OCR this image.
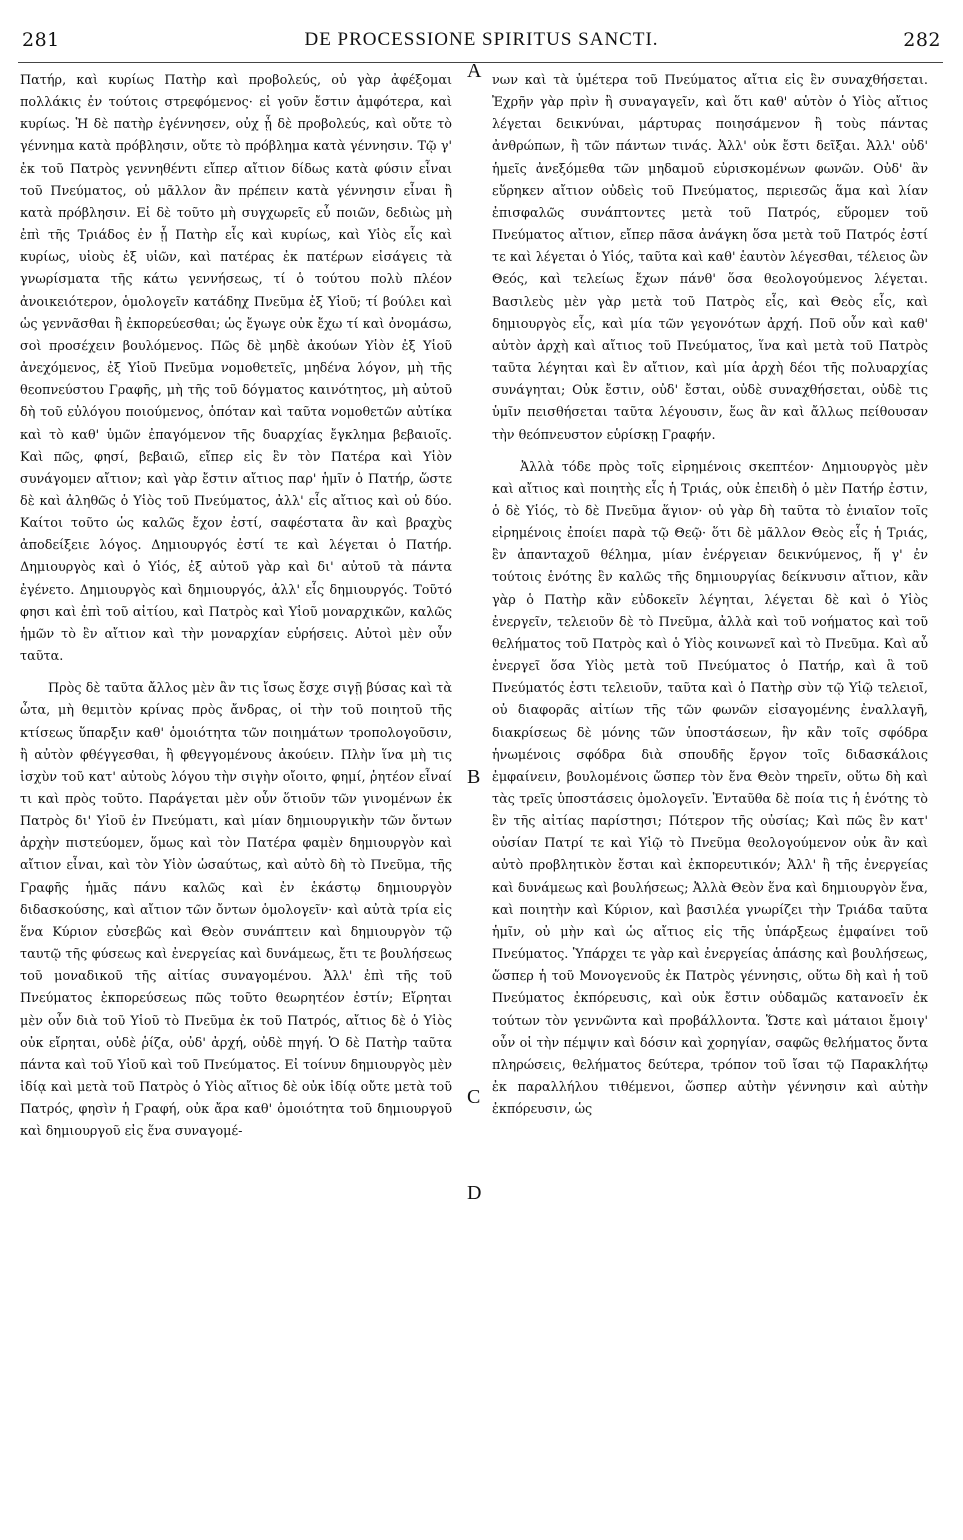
281	DE PROCESSIONE SPIRITUS SANCTI.	282

Πατήρ, καὶ κυρίως Πατὴρ καὶ προβολεύς, οὐ γὰρ ἀφέξομαι πολλάκις ἐν τούτοις στρεφόμενος· εἰ γοῦν ἔστιν ἀμφότερα, καὶ κυρίως. Ἡ δὲ πατὴρ ἐγέννησεν, οὐχ ᾗ δὲ προβολεύς, καὶ οὔτε τὸ γέννημα κατὰ πρόβλησιν, οὔτε τὸ πρόβλημα κατὰ γέννησιν. Τῷ γ' ἐκ τοῦ Πατρὸς γεννηθέντι εἴπερ αἴτιον δίδως κατὰ φύσιν εἶναι τοῦ Πνεύματος, οὐ μᾶλλον ἂν πρέπειν κατὰ γέννησιν εἶναι ἢ κατὰ πρόβλησιν. Εἰ δὲ τοῦτο μὴ συγχωρεῖς εὖ ποιῶν, δεδιὼς μὴ ἐπὶ τῆς Τριάδος ἐν ᾗ Πατὴρ εἷς καὶ κυρίως, καὶ Υἱὸς εἷς καὶ κυρίως, υἱοὺς ἐξ υἱῶν, καὶ πατέρας ἐκ πατέρων εἰσάγεις τὰ γνωρίσματα τῆς κάτω γεννήσεως, τί ὁ τούτου πολὺ πλέον ἀνοικειότερον, ὁμολογεῖν κατάδηχ Πνεῦμα ἐξ Υἱοῦ; τί βούλει καὶ ὡς γεννᾶσθαι ἢ ἐκπορεύεσθαι; ὡς ἔγωγε οὐκ ἔχω τί καὶ ὀνομάσω, σοὶ προσέχειν βουλόμενος. Πῶς δὲ μηδὲ ἀκούων Υἱὸν ἐξ Υἱοῦ ἀνεχόμενος, ἐξ Υἱοῦ Πνεῦμα νομοθετεῖς, μηδένα λόγον, μὴ τῆς θεοπνεύστου Γραφῆς, μὴ τῆς τοῦ δόγματος καινότητος, μὴ αὐτοῦ δὴ τοῦ εὐλόγου ποιούμενος, ὁπόταν καὶ ταῦτα νομοθετῶν αὐτίκα καὶ τὸ καθ' ὑμῶν ἐπαγόμενον τῆς δυαρχίας ἔγκλημα βεβαιοῖς. Καὶ πῶς, φησί, βεβαιῶ, εἴπερ εἰς ἓν τὸν Πατέρα καὶ Υἱὸν συνάγομεν αἴτιον; καὶ γὰρ ἔστιν αἴτιος παρ' ἡμῖν ὁ Πατήρ, ὥστε δὲ καὶ ἀληθῶς ὁ Υἱὸς τοῦ Πνεύματος, ἀλλ' εἷς αἴτιος καὶ οὐ δύο. Καίτοι τοῦτο ὡς καλῶς ἔχον ἐστί, σαφέστατα ἂν καὶ βραχὺς ἀποδείξειε λόγος. Δημιουργός ἐστί τε καὶ λέγεται ὁ Πατήρ. Δημιουργὸς καὶ ὁ Υἱός, ἐξ αὐτοῦ γὰρ καὶ δι' αὐτοῦ τὰ πάντα ἐγένετο. Δημιουργὸς καὶ δημιουργός, ἀλλ' εἷς δημιουργός. Τοῦτό φησι καὶ ἐπὶ τοῦ αἰτίου, καὶ Πατρὸς καὶ Υἱοῦ μοναρχικῶν, καλῶς ἡμῶν τὸ ἓν αἴτιον καὶ τὴν μοναρχίαν εὑρήσεις. Αὐτοὶ μὲν οὖν ταῦτα.

Πρὸς δὲ ταῦτα ἄλλος μὲν ἂν τις ἴσως ἔσχε σιγῇ βύσας καὶ τὰ ὦτα, μὴ θεμιτὸν κρίνας πρὸς ἄνδρας, οἱ τὴν τοῦ ποιητοῦ τῆς κτίσεως ὕπαρξιν καθ' ὁμοιότητα τῶν ποιημάτων τροπολογοῦσιν, ἢ αὐτὸν φθέγγεσθαι, ἢ φθεγγομένους ἀκούειν. Πλὴν ἵνα μὴ τις ἰσχὺν τοῦ κατ' αὐτοὺς λόγου τὴν σιγὴν οἴοιτο, φημί, ῥητέον εἶναί τι καὶ πρὸς τοῦτο. Παράγεται μὲν οὖν ὅτιοῦν τῶν γινομένων ἐκ Πατρὸς δι' Υἱοῦ ἐν Πνεύματι, καὶ μίαν δημιουργικὴν τῶν ὄντων ἀρχὴν πιστεύομεν, ὅμως καὶ τὸν Πατέρα φαμὲν δημιουργὸν καὶ αἴτιον εἶναι, καὶ τὸν Υἱὸν ὡσαύτως, καὶ αὐτὸ δὴ τὸ Πνεῦμα, τῆς Γραφῆς ἡμᾶς πάνυ καλῶς καὶ ἐν ἑκάστῳ δημιουργὸν διδασκούσης, καὶ αἴτιον τῶν ὄντων ὁμολογεῖν· καὶ αὐτὰ τρία εἰς ἕνα Κύριον εὐσεβῶς καὶ Θεὸν συνάπτειν καὶ δημιουργὸν τῷ ταυτῷ τῆς φύσεως καὶ ἐνεργείας καὶ δυνάμεως, ἔτι τε βουλήσεως τοῦ μοναδικοῦ τῆς αἰτίας συναγομένου. Ἀλλ' ἐπὶ τῆς τοῦ Πνεύματος ἐκπορεύσεως πῶς τοῦτο θεωρητέον ἐστίν; Εἴρηται μὲν οὖν διὰ τοῦ Υἱοῦ τὸ Πνεῦμα ἐκ τοῦ Πατρός, αἴτιος δὲ ὁ Υἱὸς οὐκ εἴρηται, οὐδὲ ῥίζα, οὐδ' ἀρχή, οὐδὲ πηγή. Ὁ δὲ Πατὴρ ταῦτα πάντα καὶ τοῦ Υἱοῦ καὶ τοῦ Πνεύματος. Εἰ τοίνυν δημιουργὸς μὲν ἰδίᾳ καὶ μετὰ τοῦ Πατρὸς ὁ Υἱὸς αἴτιος δὲ οὐκ ἰδίᾳ οὔτε μετὰ τοῦ Πατρός, φησὶν ἡ Γραφή, οὐκ ἄρα καθ' ὁμοιότητα τοῦ δημιουργοῦ καὶ δημιουργοῦ εἰς ἕνα συναγομέ-

νων καὶ τὰ ὑμέτερα τοῦ Πνεύματος αἴτια εἰς ἓν συναχθήσεται. Ἐχρῆν γὰρ πρὶν ἢ συναγαγεῖν, καὶ ὅτι καθ' αὑτὸν ὁ Υἱὸς αἴτιος λέγεται δεικνύναι, μάρτυρας ποιησάμενον ἢ τοὺς πάντας ἀνθρώπων, ἢ τῶν πάντων τινάς. Ἀλλ' οὐκ ἔστι δεῖξαι. Ἀλλ' οὐδ' ἡμεῖς ἀνεξόμεθα τῶν μηδαμοῦ εὑρισκομένων φωνῶν. Οὐδ' ἂν εὕρηκεν αἴτιον οὐδεὶς τοῦ Πνεύματος, περιεσῶς ἅμα καὶ λίαν ἐπισφαλῶς συνάπτοντες μετὰ τοῦ Πατρός, εὕρομεν τοῦ Πνεύματος αἴτιον, εἴπερ πᾶσα ἀνάγκη ὅσα μετὰ τοῦ Πατρός ἐστί τε καὶ λέγεται ὁ Υἱός, ταῦτα καὶ καθ' ἑαυτὸν λέγεσθαι, τέλειος ὢν Θεός, καὶ τελείως ἔχων πάνθ' ὅσα θεολογούμενος λέγεται. Βασιλεὺς μὲν γὰρ μετὰ τοῦ Πατρὸς εἷς, καὶ Θεὸς εἷς, καὶ δημιουργὸς εἷς, καὶ μία τῶν γεγονότων ἀρχή. Ποῦ οὖν καὶ καθ' αὑτὸν ἀρχὴ καὶ αἴτιος τοῦ Πνεύματος, ἵνα καὶ μετὰ τοῦ Πατρὸς ταῦτα λέγηται καὶ ἓν αἴτιον, καὶ μία ἀρχὴ δέοι τῆς πολυαρχίας συνάγηται; Οὐκ ἔστιν, οὐδ' ἔσται, οὐδὲ συναχθήσεται, οὐδὲ τις ὑμῖν πεισθήσεται ταῦτα λέγουσιν, ἕως ἂν καὶ ἄλλως πείθουσαν τὴν θεόπνευστον εὑρίσκῃ Γραφήν.

Ἀλλὰ τόδε πρὸς τοῖς εἰρημένοις σκεπτέον· Δημιουργὸς μὲν καὶ αἴτιος καὶ ποιητὴς εἷς ἡ Τριάς, οὐκ ἐπειδὴ ὁ μὲν Πατήρ ἐστιν, ὁ δὲ Υἱός, τὸ δὲ Πνεῦμα ἅγιον· οὐ γὰρ δὴ ταῦτα τὸ ἑνιαῖον τοῖς εἰρημένοις ἐποίει παρὰ τῷ Θεῷ· ὅτι δὲ μᾶλλον Θεὸς εἷς ἡ Τριάς, ἓν ἁπανταχοῦ θέλημα, μίαν ἐνέργειαν δεικνύμενος, ἥ γ' ἐν τούτοις ἑνότης ἓν καλῶς τῆς δημιουργίας δείκνυσιν αἴτιον, κἂν γὰρ ὁ Πατὴρ κἂν εὐδοκεῖν λέγηται, λέγεται δὲ καὶ ὁ Υἱὸς ἐνεργεῖν, τελειοῦν δὲ τὸ Πνεῦμα, ἀλλὰ καὶ τοῦ νοήματος καὶ τοῦ θελήματος τοῦ Πατρὸς καὶ ὁ Υἱὸς κοινωνεῖ καὶ τὸ Πνεῦμα. Καὶ αὖ ἐνεργεῖ ὅσα Υἱὸς μετὰ τοῦ Πνεύματος ὁ Πατήρ, καὶ ἃ τοῦ Πνεύματός ἐστι τελειοῦν, ταῦτα καὶ ὁ Πατὴρ σὺν τῷ Υἱῷ τελειοῖ, οὐ διαφορᾶς αἰτίων τῆς τῶν φωνῶν εἰσαγομένης ἐναλλαγῆ, διακρίσεως δὲ μόνης τῶν ὑποστάσεων, ἣν κἂν τοῖς σφόδρα ἡνωμένοις σφόδρα διὰ σπουδῆς ἔργον τοῖς διδασκάλοις ἐμφαίνειν, βουλομένοις ὥσπερ τὸν ἕνα Θεὸν τηρεῖν, οὕτω δὴ καὶ τὰς τρεῖς ὑποστάσεις ὁμολογεῖν. Ἐνταῦθα δὲ ποία τις ἡ ἑνότης τὸ ἓν τῆς αἰτίας παρίστησι; Πότερον τῆς οὐσίας; Καὶ πῶς ἓν κατ' οὐσίαν Πατρί τε καὶ Υἱῷ τὸ Πνεῦμα θεολογούμενον οὐκ ἂν καὶ αὐτὸ προβλητικὸν ἔσται καὶ ἐκπορευτικόν; Ἀλλ' ἢ τῆς ἐνεργείας καὶ δυνάμεως καὶ βουλήσεως; Ἀλλὰ Θεὸν ἕνα καὶ δημιουργὸν ἕνα, καὶ ποιητὴν καὶ Κύριον, καὶ βασιλέα γνωρίζει τὴν Τριάδα ταῦτα ἡμῖν, οὐ μὴν καὶ ὡς αἴτιος εἰς τῆς ὑπάρξεως ἐμφαίνει τοῦ Πνεύματος. Ὑπάρχει τε γὰρ καὶ ἐνεργείας ἁπάσης καὶ βουλήσεως, ὥσπερ ἡ τοῦ Μονογενοῦς ἐκ Πατρὸς γέννησις, οὕτω δὴ καὶ ἡ τοῦ Πνεύματος ἐκπόρευσις, καὶ οὐκ ἔστιν οὐδαμῶς κατανοεῖν ἐκ τούτων τὸν γεννῶντα καὶ προβάλλοντα. Ὥστε καὶ μάταιοι ἔμοιγ' οὖν οἱ τὴν πέμψιν καὶ δόσιν καὶ χορηγίαν, σαφῶς θελήματος ὄντα πληρώσεις, θελήματος δεύτερα, τρόπον τοῦ ἴσαι τῷ Παρακλήτῳ ἐκ παραλλήλου τιθέμενοι, ὥσπερ αὐτὴν γέννησιν καὶ αὐτὴν ἐκπόρευσιν, ὡς

A
B
C
D
